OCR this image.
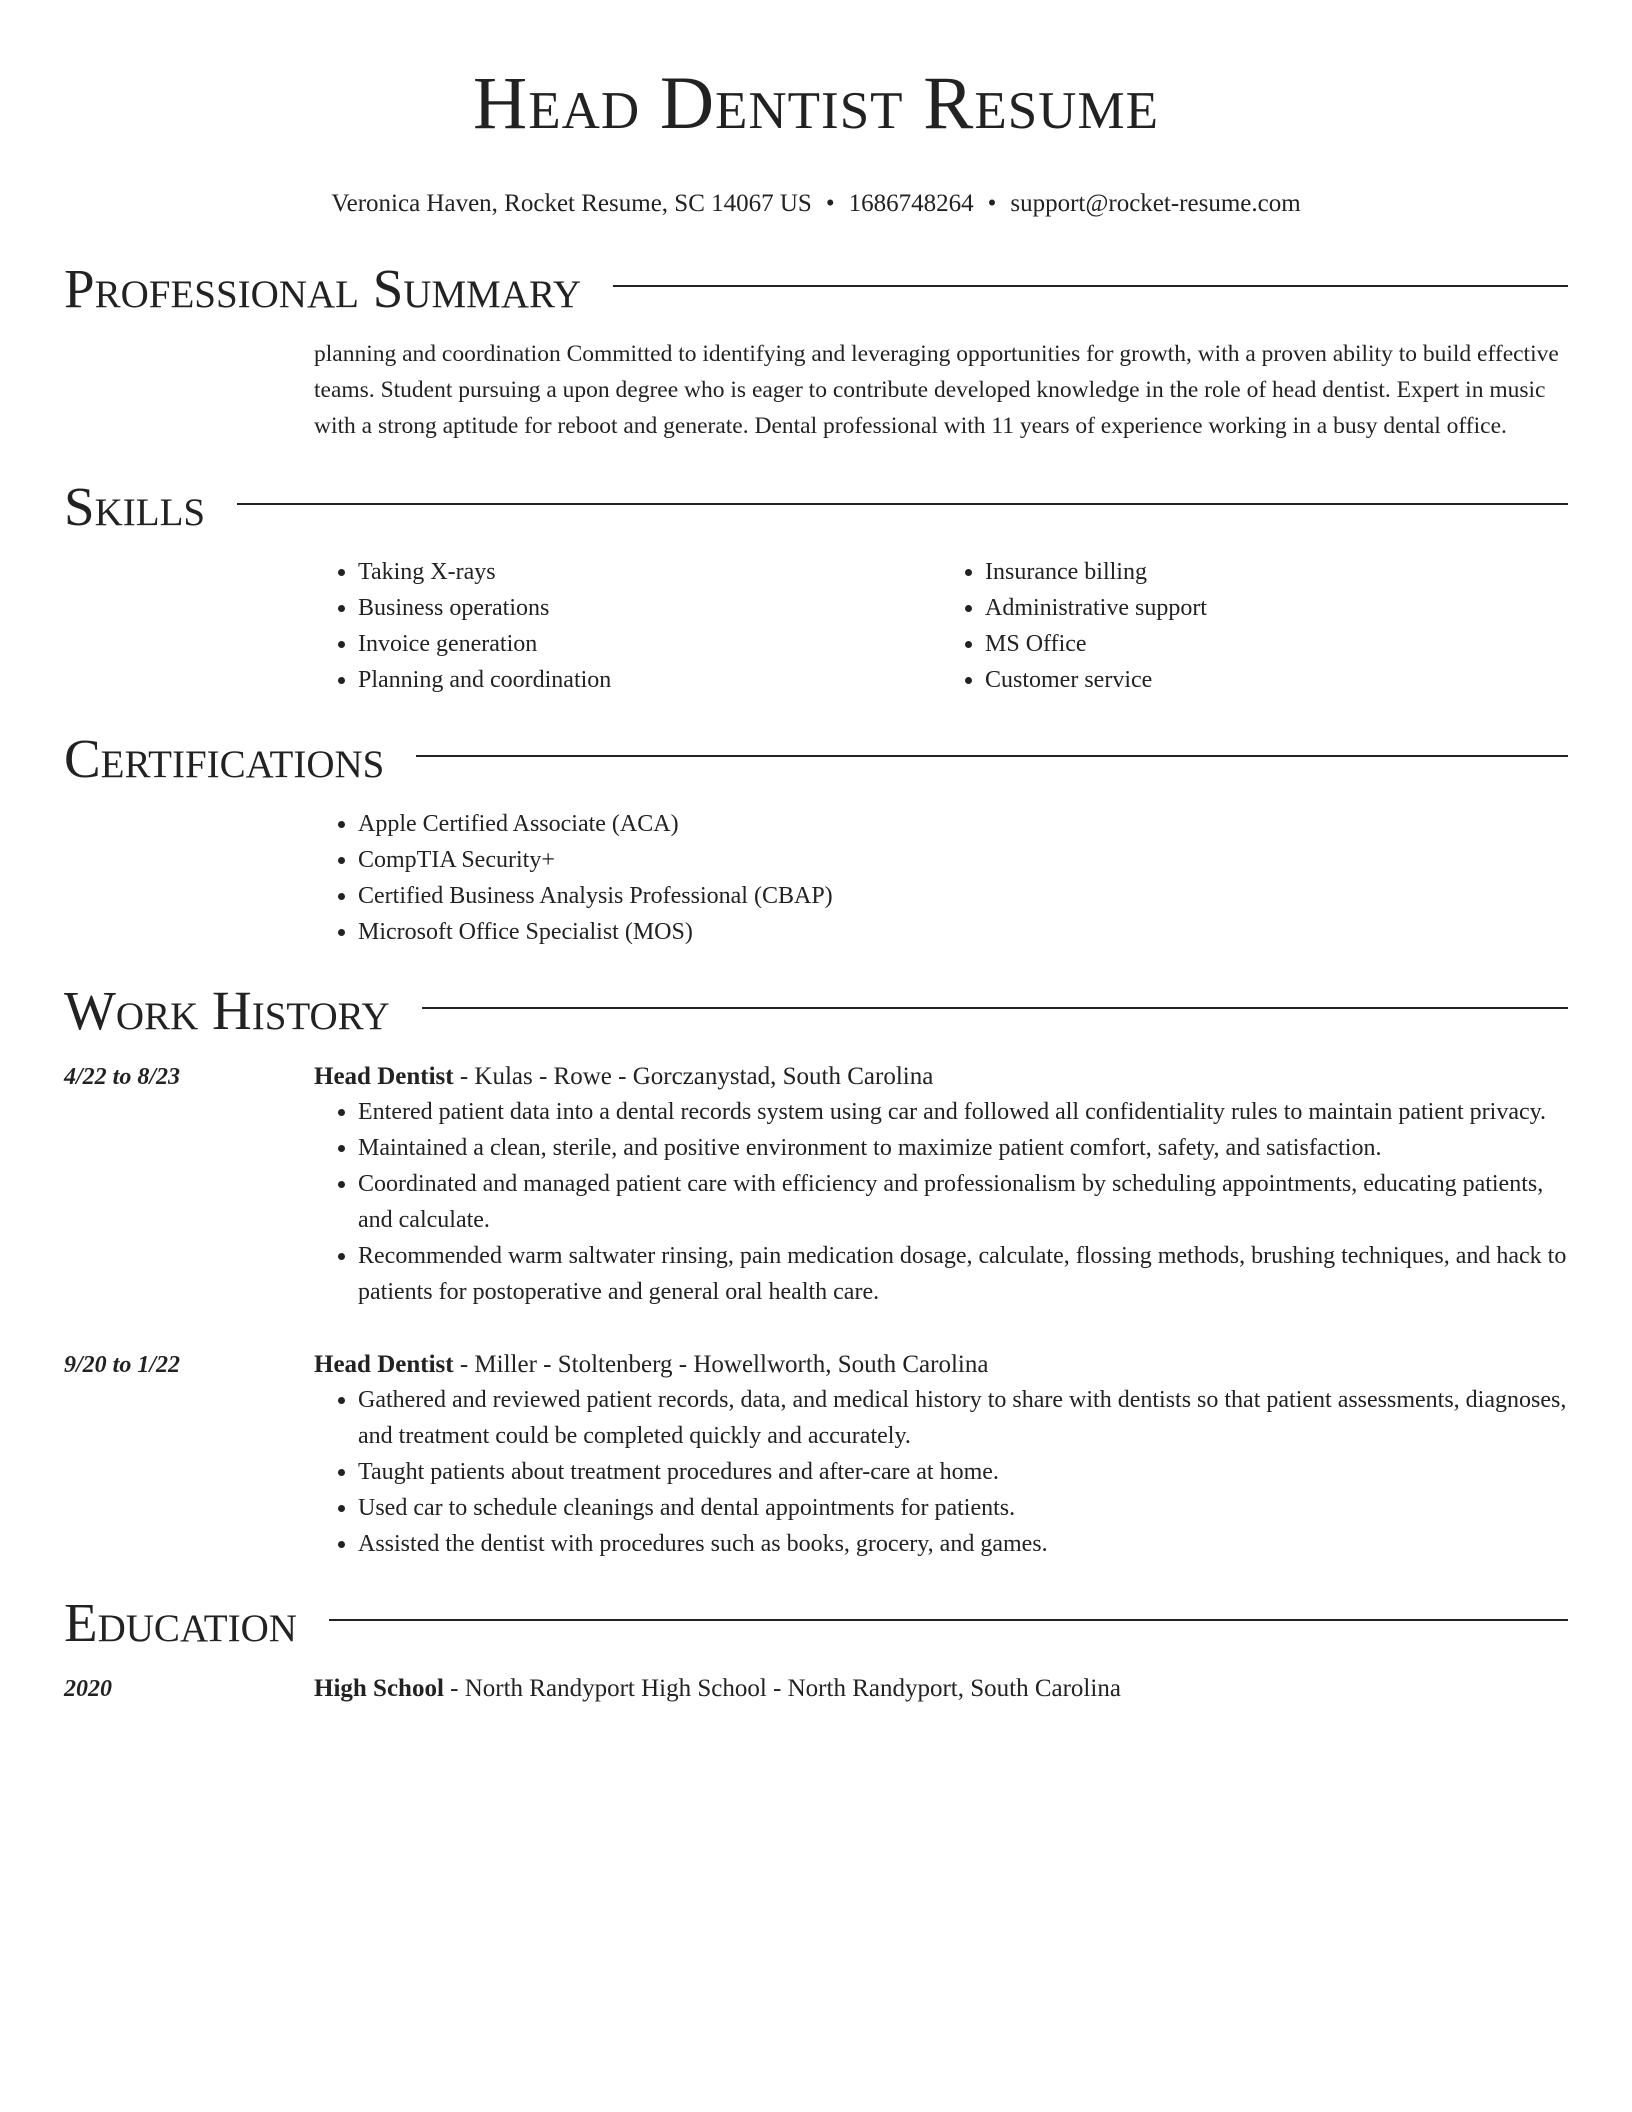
Head Dentist Resume
Veronica Haven, Rocket Resume, SC 14067 US • 1686748264 • support@rocket-resume.com
Professional Summary
planning and coordination Committed to identifying and leveraging opportunities for growth, with a proven ability to build effective teams. Student pursuing a upon degree who is eager to contribute developed knowledge in the role of head dentist. Expert in music with a strong aptitude for reboot and generate. Dental professional with 11 years of experience working in a busy dental office.
Skills
• Taking X-rays
• Business operations
• Invoice generation
• Planning and coordination
• Insurance billing
• Administrative support
• MS Office
• Customer service
Certifications
• Apple Certified Associate (ACA)
• CompTIA Security+
• Certified Business Analysis Professional (CBAP)
• Microsoft Office Specialist (MOS)
Work History
4/22 to 8/23	Head Dentist - Kulas - Rowe - Gorczanystad, South Carolina
• Entered patient data into a dental records system using car and followed all confidentiality rules to maintain patient privacy.
• Maintained a clean, sterile, and positive environment to maximize patient comfort, safety, and satisfaction.
• Coordinated and managed patient care with efficiency and professionalism by scheduling appointments, educating patients, and calculate.
• Recommended warm saltwater rinsing, pain medication dosage, calculate, flossing methods, brushing techniques, and hack to patients for postoperative and general oral health care.
9/20 to 1/22	Head Dentist - Miller - Stoltenberg - Howellworth, South Carolina
• Gathered and reviewed patient records, data, and medical history to share with dentists so that patient assessments, diagnoses, and treatment could be completed quickly and accurately.
• Taught patients about treatment procedures and after-care at home.
• Used car to schedule cleanings and dental appointments for patients.
• Assisted the dentist with procedures such as books, grocery, and games.
Education
2020	High School - North Randyport High School - North Randyport, South Carolina
